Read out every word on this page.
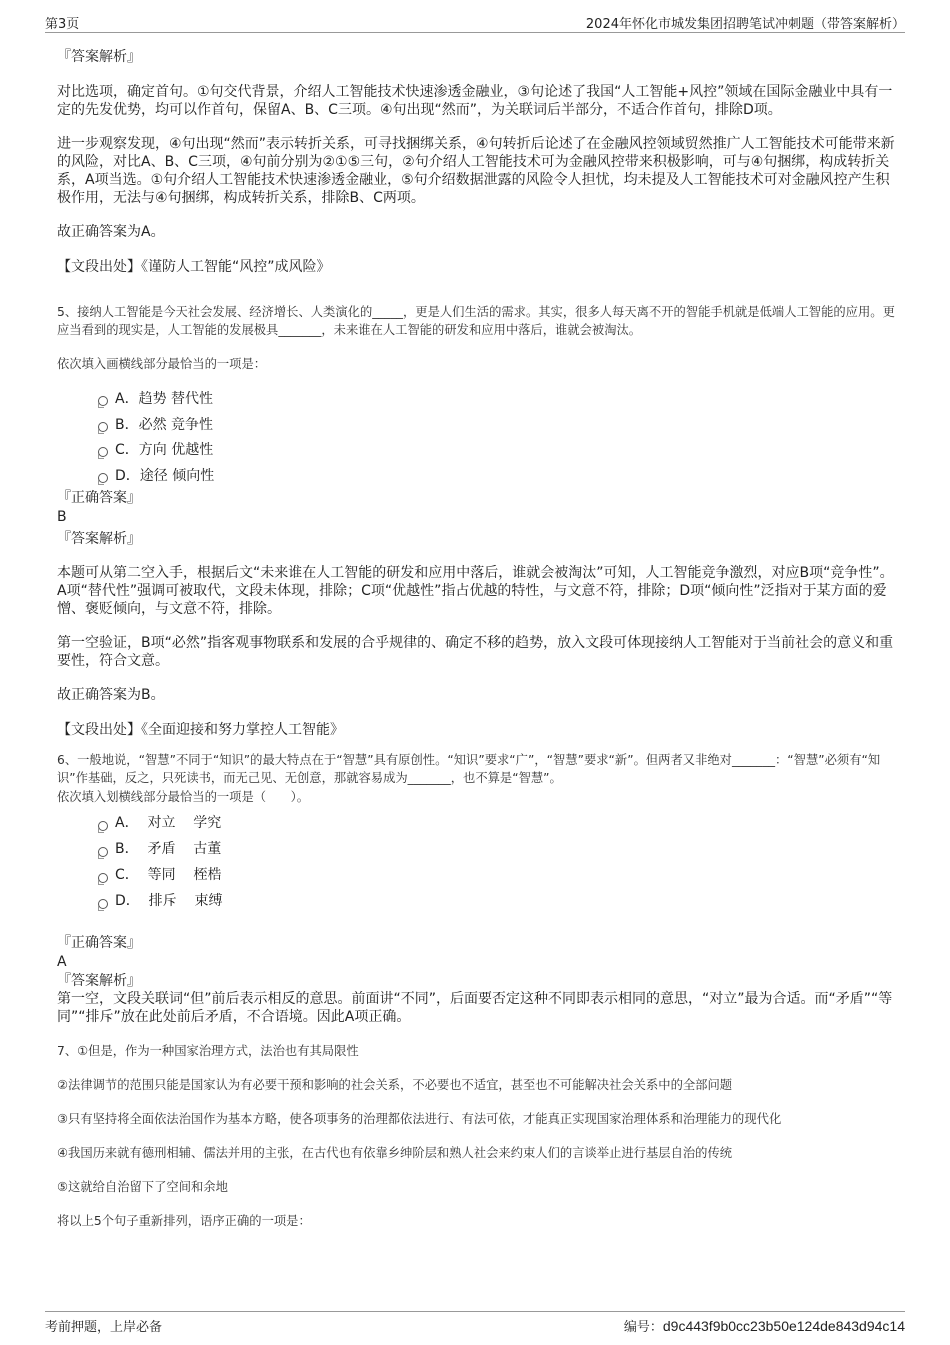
第3页	2024年怀化市城发集团招聘笔试冲刺题（带答案解析）

『答案解析』

对比选项，确定首句。①句交代背景，介绍人工智能技术快速渗透金融业，③句论述了我国“人工智能+风控”领域在国际金融业中具有一定的先发优势，均可以作首句，保留A、B、C三项。④句出现“然而”，为关联词后半部分，不适合作首句，排除D项。

进一步观察发现，④句出现“然而”表示转折关系，可寻找捆绑关系，④句转折后论述了在金融风控领域贸然推广人工智能技术可能带来新的风险，对比A、B、C三项，④句前分别为②①⑤三句，②句介绍人工智能技术可为金融风控带来积极影响，可与④句捆绑，构成转折关系，A项当选。①句介绍人工智能技术快速渗透金融业，⑤句介绍数据泄露的风险令人担忧，均未提及人工智能技术可对金融风控产生积极作用，无法与④句捆绑，构成转折关系，排除B、C两项。

故正确答案为A。

【文段出处】《谨防人工智能“风控”成风险》

5、接纳人工智能是今天社会发展、经济增长、人类演化的_____，更是人们生活的需求。其实，很多人每天离不开的智能手机就是低端人工智能的应用。更应当看到的现实是，人工智能的发展极具_______，未来谁在人工智能的研发和应用中落后，谁就会被淘汰。

依次填入画横线部分最恰当的一项是：

A．趋势 替代性
B．必然 竞争性
C．方向 优越性
D．途径 倾向性

『正确答案』

B

『答案解析』

本题可从第二空入手，根据后文“未来谁在人工智能的研发和应用中落后，谁就会被淘汰”可知，人工智能竞争激烈，对应B项“竞争性”。A项“替代性”强调可被取代，文段未体现，排除；C项“优越性”指占优越的特性，与文意不符，排除；D项“倾向性”泛指对于某方面的爱憎、褒贬倾向，与文意不符，排除。

第一空验证，B项“必然”指客观事物联系和发展的合乎规律的、确定不移的趋势，放入文段可体现接纳人工智能对于当前社会的意义和重要性，符合文意。

故正确答案为B。

【文段出处】《全面迎接和努力掌控人工智能》

6、一般地说，“智慧”不同于“知识”的最大特点在于“智慧”具有原创性。“知识”要求“广”，“智慧”要求“新”。但两者又非绝对_______：“智慧”必须有“知识”作基础，反之，只死读书，而无己见、无创意，那就容易成为_______，也不算是“智慧”。

依次填入划横线部分最恰当的一项是（　　）。

A．  对立    学究
B．  矛盾    古董
C．  等同    桎梏
D．  排斥    束缚

『正确答案』

A

『答案解析』

第一空，文段关联词“但”前后表示相反的意思。前面讲“不同”，后面要否定这种不同即表示相同的意思，“对立”最为合适。而“矛盾”“等同”“排斥”放在此处前后矛盾，不合语境。因此A项正确。

7、①但是，作为一种国家治理方式，法治也有其局限性

②法律调节的范围只能是国家认为有必要干预和影响的社会关系，不必要也不适宜，甚至也不可能解决社会关系中的全部问题

③只有坚持将全面依法治国作为基本方略，使各项事务的治理都依法进行、有法可依，才能真正实现国家治理体系和治理能力的现代化

④我国历来就有德刑相辅、儒法并用的主张，在古代也有依靠乡绅阶层和熟人社会来约束人们的言谈举止进行基层自治的传统

⑤这就给自治留下了空间和余地

将以上5个句子重新排列，语序正确的一项是：

考前押题，上岸必备	编号：d9c443f9b0cc23b50e124de843d94c14
